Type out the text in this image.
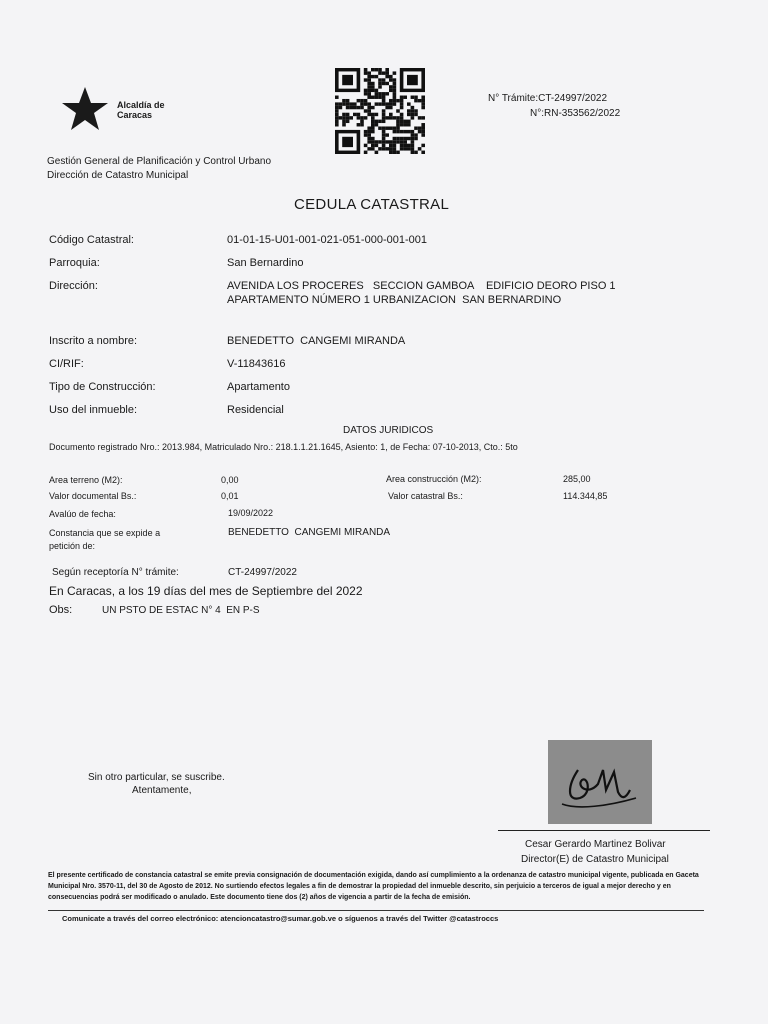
Alcaldía de Caracas
N° Trámite:CT-24997/2022
N°:RN-353562/2022
Gestión General de Planificación y Control Urbano
Dirección de Catastro Municipal
CEDULA CATASTRAL
Código Catastral:	01-01-15-U01-001-021-051-000-001-001
Parroquia:	San Bernardino
Dirección:	AVENIDA LOS PROCERES   SECCION GAMBOA    EDIFICIO DEORO PISO 1
APARTAMENTO NÚMERO 1 URBANIZACION  SAN BERNARDINO
Inscrito a nombre:	BENEDETTO  CANGEMI MIRANDA
CI/RIF:	V-11843616
Tipo de Construcción:	Apartamento
Uso del inmueble:	Residencial
DATOS JURIDICOS
Documento registrado Nro.: 2013.984, Matriculado Nro.: 218.1.1.21.1645, Asiento: 1, de Fecha: 07-10-2013, Cto.: 5to
Area terreno (M2):	0,00	Area construcción (M2):	285,00
Valor documental Bs.:	0,01	Valor catastral Bs.:	114.344,85
Avalúo de fecha:	19/09/2022
Constancia que se expide a
petición de:
BENEDETTO  CANGEMI MIRANDA
Según receptoría N° trámite:	CT-24997/2022
En Caracas, a los 19 días del mes de Septiembre del 2022
Obs:	UN PSTO DE ESTAC N° 4  EN P-S
Sin otro particular, se suscribe.
Atentamente,
Cesar Gerardo Martinez Bolivar
Director(E) de Catastro Municipal
El presente certificado de constancia catastral se emite previa consignación de documentación exigida, dando así cumplimiento a la ordenanza de catastro municipal vigente, publicada en Gaceta Municipal Nro. 3570-11, del 30 de Agosto de 2012. No surtiendo efectos legales a fin de demostrar la propiedad del inmueble descrito, sin perjuicio a terceros de igual a mejor derecho y en consecuencias podrá ser modificado o anulado. Este documento tiene dos (2) años de vigencia a partir de la fecha de emisión.
Comunicate a través del correo electrónico: atencioncatastro@sumar.gob.ve o síguenos a través del Twitter @catastroccs
